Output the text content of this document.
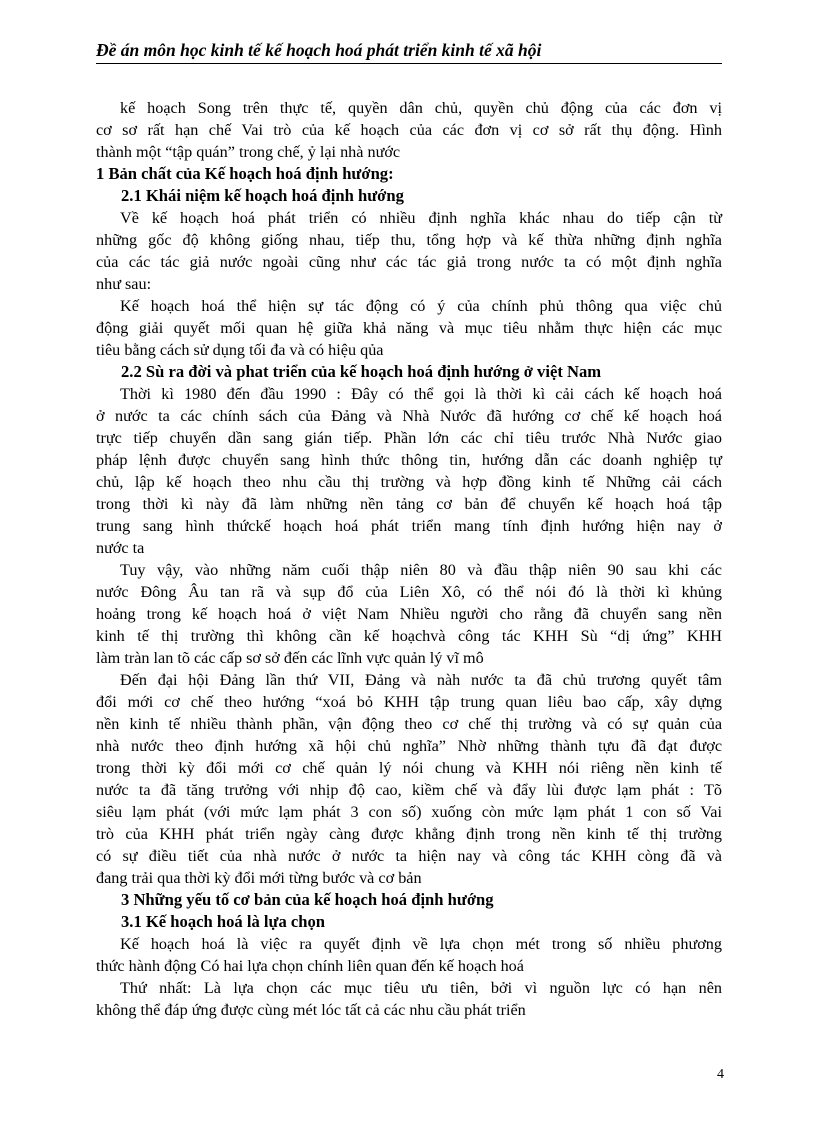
Đề án môn học kinh tế kế hoạch hoá phát triển kinh tế xã hội
kế hoạch Song trên thực tế, quyền dân chủ, quyền chủ động của các đơn vị
cơ sơ rất hạn chế Vai trò của kế hoạch của các đơn vị cơ sở rất thụ động. Hình
thành một “tập quán” trong chế, ỷ lại nhà nước
1 Bản chất của Kế hoạch hoá định hướng:
2.1 Khái niệm kế hoạch hoá định hướng
Về kế hoạch hoá phát triển có nhiều định nghĩa khác nhau do tiếp cận từ
những gốc độ không giống nhau, tiếp thu, tổng hợp và kế thừa những định nghĩa
của các tác giả nước ngoài cũng như các tác giả trong nước ta có một định nghĩa
như sau:
Kế hoạch hoá thể hiện sự tác động có ý của chính phủ thông qua việc chủ
động giải quyết mối quan hệ giữa khả năng và mục tiêu nhằm thực hiện các mục
tiêu bằng cách sử dụng tối đa và có hiệu qủa
2.2 Sù ra đời và phat triển của kế hoạch hoá định hướng ở việt Nam
Thời kì 1980 đến đầu 1990 : Đây có thể gọi là thời kì cải cách kế hoạch hoá
ở nước ta các chính sách của Đảng và Nhà Nước đã hướng cơ chế kế hoạch hoá
trực tiếp chuyển dần sang gián tiếp. Phần lớn các chỉ tiêu trước Nhà Nước giao
pháp lệnh được chuyển sang hình thức thông tin, hướng dẫn các doanh nghiệp tự
chủ, lập kế hoạch theo nhu cầu thị trường và hợp đồng kinh tế Những cải cách
trong thời kì này đã làm những nền tảng cơ bản để chuyển kế hoạch hoá tập
trung sang hình thứckế hoạch hoá phát triển mang tính định hướng hiện nay ở
nước ta
Tuy vậy, vào những năm cuối thập niên 80 và đầu thập niên 90 sau khi các
nước Đông Âu tan rã và sụp đổ của Liên Xô, có thể nói đó là thời kì khủng
hoảng trong kế hoạch hoá ở việt Nam Nhiều người cho rằng đã chuyển sang nền
kinh tế thị trường thì không cần kế hoạchvà công tác KHH Sù “dị ứng” KHH
làm tràn lan tõ các cấp sơ sở đến các lĩnh vực quản lý vĩ mô
Đến đại hội Đảng lần thứ VII, Đảng và nàh nước ta đã chủ trương quyết tâm
đổi mới cơ chế theo hướng “xoá bỏ KHH tập trung quan liêu bao cấp, xây dựng
nền kinh tế nhiều thành phần, vận động theo cơ chế thị trường và có sự quản của
nhà nước theo định hướng xã hội chủ nghĩa” Nhờ những thành tựu đã đạt được
trong thời kỳ đổi mới cơ chế quản lý nói chung và KHH nói riêng nền kinh tế
nước ta đã tăng trưởng với nhịp độ cao, kiềm chế và đẩy lùi được lạm phát : Tõ
siêu lạm phát (với mức lạm phát 3 con số) xuống còn mức lạm phát 1 con số Vai
trò của KHH phát triển ngày càng được khẳng định trong nền kinh tế thị trường
có sự điều tiết của nhà nước ở nước ta hiện nay và công tác KHH còng đã và
đang trải qua thời kỳ đổi mới từng bước và cơ bản
3 Những yếu tố cơ bản của kế hoạch hoá định hướng
3.1 Kế hoạch hoá là lựa chọn
Kế hoạch hoá là việc ra quyết định về lựa chọn mét trong số nhiều phương
thức hành động Có hai lựa chọn chính liên quan đến kế hoạch hoá
Thứ nhất: Là lựa chọn các mục tiêu ưu tiên, bởi vì nguồn lực có hạn nên
không thể đáp ứng được cùng mét lóc tất cả các nhu cầu phát triển
4
